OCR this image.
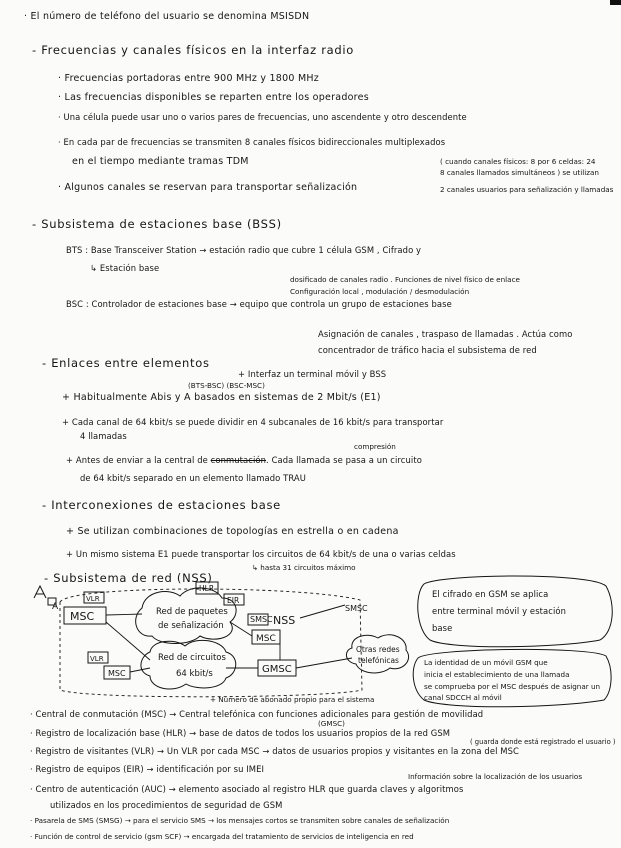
· El número de teléfono del usuario se denomina MSISDN
- Frecuencias y canales físicos en la interfaz radio
· Frecuencias portadoras entre 900 MHz y 1800 MHz
· Las frecuencias disponibles se reparten entre los operadores
· Una célula puede usar uno o varios pares de frecuencias, uno ascendente y otro descendente
· En cada par de frecuencias se transmiten 8 canales físicos bidireccionales multiplexados
en el tiempo mediante tramas TDM	( cuando canales físicos: 8 por 6 celdas: 24
8 canales llamados simultáneos ) se utilizan
· Algunos canales se reservan para transportar señalización	2 canales usuarios para señalización y llamadas
- Subsistema de estaciones base (BSS)
BTS : Base Transceiver Station → estación radio que cubre 1 célula GSM , Cifrado y
↳ Estación base
dosificado de canales radio . Funciones de nivel físico de enlace
Configuración local , modulación / desmodulación
BSC : Controlador de estaciones base → equipo que controla un grupo de estaciones base
Asignación de canales , traspaso de llamadas . Actúa como
concentrador de tráfico hacia el subsistema de red
- Enlaces entre elementos
+ Interfaz un terminal móvil y BSS
(BTS-BSC) (BSC-MSC)
+ Habitualmente Abis y A basados en sistemas de 2 Mbit/s (E1)
+ Cada canal de 64 kbit/s se puede dividir en 4 subcanales de 16 kbit/s para transportar
4 llamadas
compresión
+ Antes de enviar a la central de conmutación. Cada llamada se pasa a un circuito
de 64 kbit/s separado en un elemento llamado TRAU
- Interconexiones de estaciones base
+ Se utilizan combinaciones de topologías en estrella o en cadena
+ Un mismo sistema E1 puede transportar los circuitos de 64 kbit/s de una o varias celdas
↳ hasta 31 circuitos máximo
- Subsistema de red (NSS)
A
MSC
VLR
Red de paquetes
de señalización
HLR
EIR
SMSC NSS
MSC
SMSC
Red de circuitos
64 kbit/s
VLR
MSC	GMSC
Otras redes
telefónicas
El cifrado en GSM se aplica
entre terminal móvil y estación
base
La identidad de un móvil GSM que
inicia el establecimiento de una llamada
se comprueba por el MSC después de asignar un
canal SDCCH al móvil
+ Número de abonado propio para el sistema
· Central de conmutación (MSC) → Central telefónica con funciones adicionales para gestión de movilidad
(GMSC)
· Registro de localización base (HLR) → base de datos de todos los usuarios propios de la red GSM
( guarda donde está registrado el usuario )
· Registro de visitantes (VLR) → Un VLR por cada MSC → datos de usuarios propios y visitantes en la zona del MSC
· Registro de equipos (EIR) → identificación por su IMEI
Información sobre la localización de los usuarios
· Centro de autenticación (AUC) → elemento asociado al registro HLR que guarda claves y algoritmos
utilizados en los procedimientos de seguridad de GSM
· Pasarela de SMS (SMSG) → para el servicio SMS → los mensajes cortos se transmiten sobre canales de señalización
· Función de control de servicio (gsm SCF) → encargada del tratamiento de servicios de inteligencia en red
